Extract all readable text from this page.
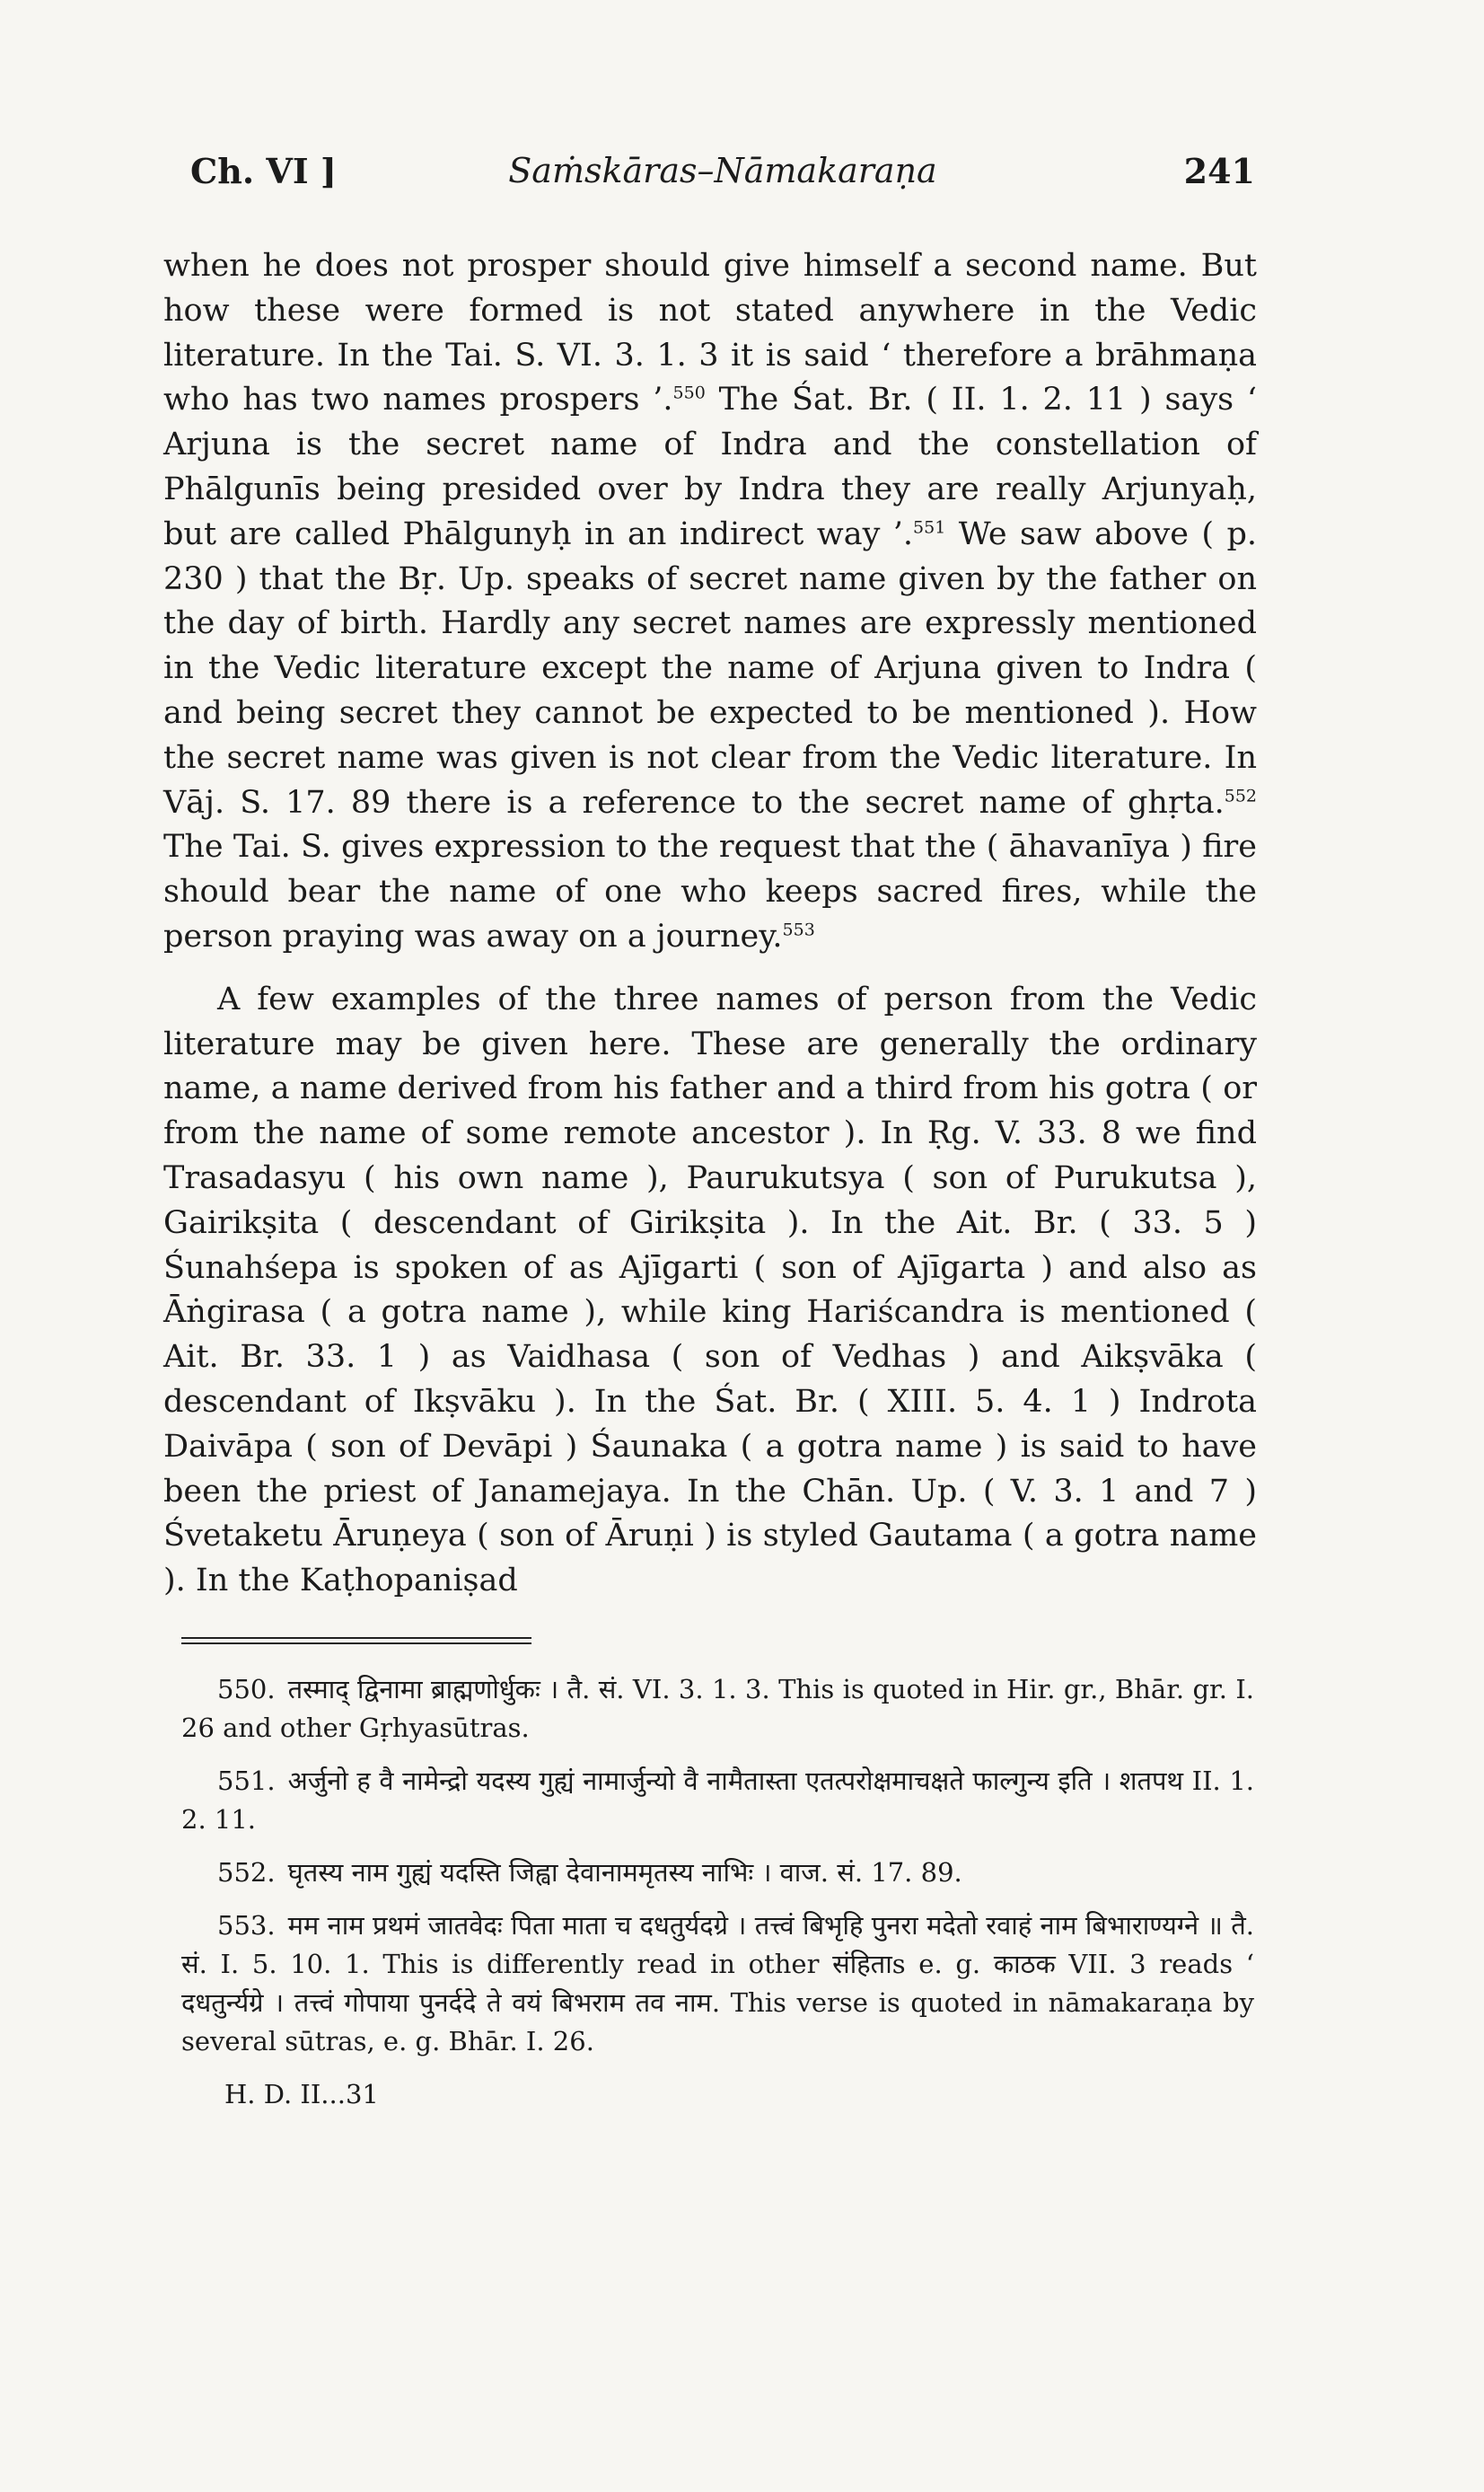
Ch. VI ]	Saṁskāras–Nāmakaraṇa	241

when he does not prosper should give himself a second name. But how these were formed is not stated anywhere in the Vedic literature. In the Tai. S. VI. 3. 1. 3 it is said ‘ therefore a brāhmaṇa who has two names prospers ’.$^{550}$ The Śat. Br. ( II. 1. 2. 11 ) says ‘ Arjuna is the secret name of Indra and the constellation of Phālgunīs being presided over by Indra they are really Arjunyaḥ, but are called Phālgunyḥ in an indirect way ’.$^{551}$ We saw above ( p. 230 ) that the Bṛ. Up. speaks of secret name given by the father on the day of birth. Hardly any secret names are expressly mentioned in the Vedic literature except the name of Arjuna given to Indra ( and being secret they cannot be expected to be mentioned ). How the secret name was given is not clear from the Vedic literature. In Vāj. S. 17. 89 there is a reference to the secret name of ghṛta.$^{552}$ The Tai. S. gives expression to the request that the ( āhavanīya ) fire should bear the name of one who keeps sacred fires, while the person praying was away on a journey.$^{553}$

A few examples of the three names of person from the Vedic literature may be given here. These are generally the ordinary name, a name derived from his father and a third from his gotra ( or from the name of some remote ancestor ). In Ṛg. V. 33. 8 we find Trasadasyu ( his own name ), Paurukutsya ( son of Purukutsa ), Gairikṣita ( descendant of Girikṣita ). In the Ait. Br. ( 33. 5 ) Śunahśepa is spoken of as Ajīgarti ( son of Ajīgarta ) and also as Āṅgirasa ( a gotra name ), while king Hariścandra is mentioned ( Ait. Br. 33. 1 ) as Vaidhasa ( son of Vedhas ) and Aikṣvāka ( descendant of Ikṣvāku ). In the Śat. Br. ( XIII. 5. 4. 1 ) Indrota Daivāpa ( son of Devāpi ) Śaunaka ( a gotra name ) is said to have been the priest of Janamejaya. In the Chān. Up. ( V. 3. 1 and 7 ) Śvetaketu Āruṇeya ( son of Āruṇi ) is styled Gautama ( a gotra name ). In the Kaṭhopaniṣad

550. तस्माद् द्विनामा ब्राह्मणोर्धुकः । तै. सं. VI. 3. 1. 3. This is quoted in Hir. gr., Bhār. gr. I. 26 and other Gṛhyasūtras.

551. अर्जुनो ह वै नामेन्द्रो यदस्य गुह्यं नामार्जुन्यो वै नामैतास्ता एतत्परोक्षमाचक्षते फाल्गुन्य इति । शतपथ II. 1. 2. 11.

552. घृतस्य नाम गुह्यं यदस्ति जिह्वा देवानाममृतस्य नाभिः । वाज. सं. 17. 89.

553. मम नाम प्रथमं जातवेदः पिता माता च दधतुर्यदग्रे । तत्त्वं बिभृहि पुनरा मदेतो रवाहं नाम बिभाराण्यग्ने ॥ तै. सं. I. 5. 10. 1. This is differently read in other संहिताs e. g. काठक VII. 3 reads ‘ दधतुर्न्यग्रे । तत्त्वं गोपाया पुनर्ददे ते वयं बिभराम तव नाम. This verse is quoted in nāmakaraṇa by several sūtras, e. g. Bhār. I. 26.

H. D. II...31
